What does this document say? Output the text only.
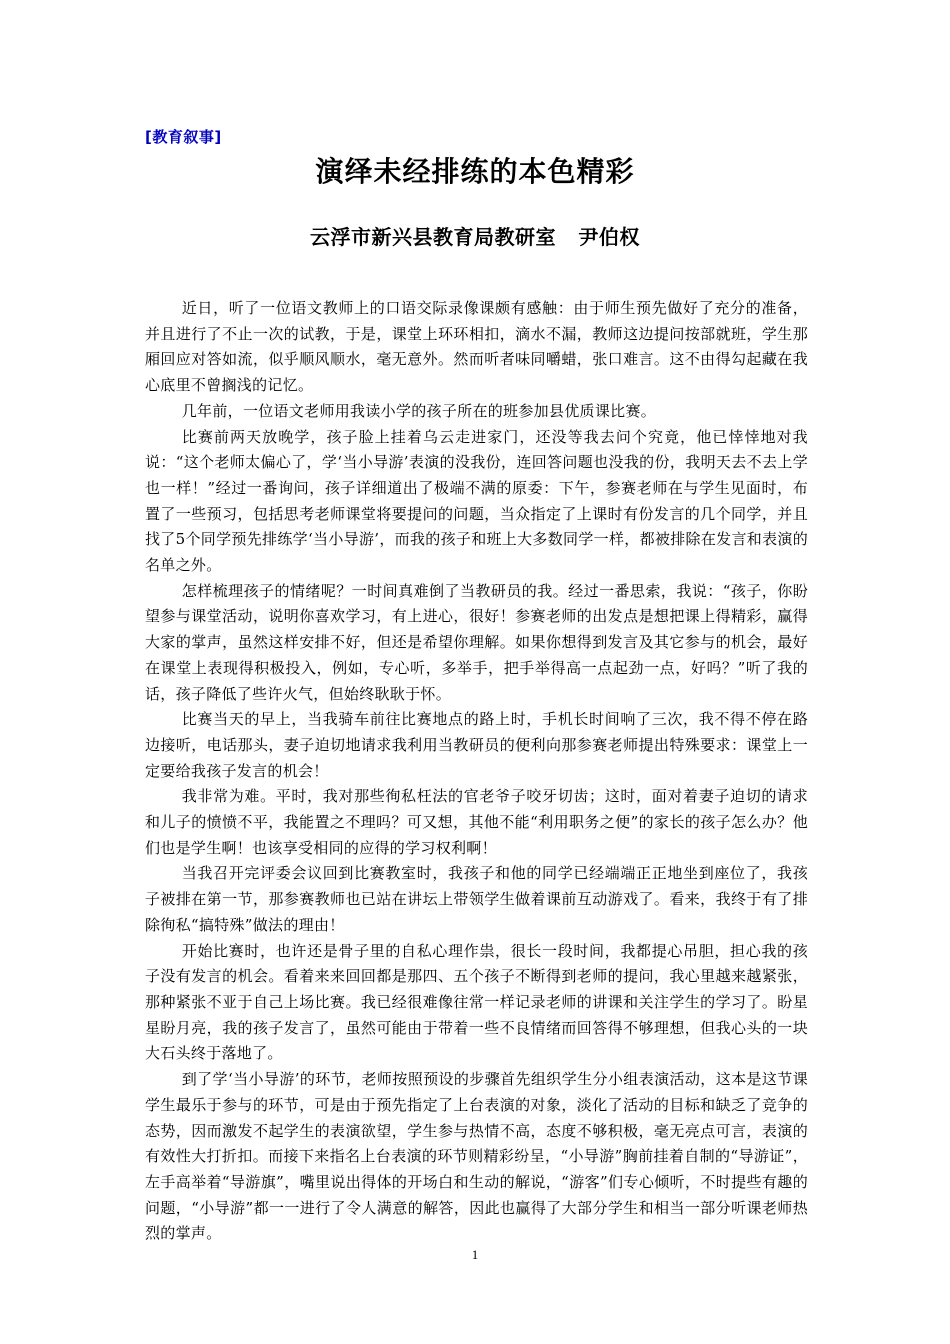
[教育叙事]
演绎未经排练的本色精彩
云浮市新兴县教育局教研室   尹伯权

近日，听了一位语文教师上的口语交际录像课颇有感触：由于师生预先做好了充分的准备，并且进行了不止一次的试教，于是，课堂上环环相扣，滴水不漏，教师这边提问按部就班，学生那厢回应对答如流，似乎顺风顺水，毫无意外。然而听者味同嚼蜡，张口难言。这不由得勾起藏在我心底里不曾搁浅的记忆。

几年前，一位语文老师用我读小学的孩子所在的班参加县优质课比赛。

比赛前两天放晚学，孩子脸上挂着乌云走进家门，还没等我去问个究竟，他已悻悻地对我说：“这个老师太偏心了，学‘当小导游’表演的没我份，连回答问题也没我的份，我明天去不去上学也一样！”经过一番询问，孩子详细道出了极端不满的原委：下午，参赛老师在与学生见面时，布置了一些预习，包括思考老师课堂将要提问的问题，当众指定了上课时有份发言的几个同学，并且找了5个同学预先排练学‘当小导游’，而我的孩子和班上大多数同学一样，都被排除在发言和表演的名单之外。

怎样梳理孩子的情绪呢？一时间真难倒了当教研员的我。经过一番思索，我说：“孩子，你盼望参与课堂活动，说明你喜欢学习，有上进心，很好！参赛老师的出发点是想把课上得精彩，赢得大家的掌声，虽然这样安排不好，但还是希望你理解。如果你想得到发言及其它参与的机会，最好在课堂上表现得积极投入，例如，专心听，多举手，把手举得高一点起劲一点，好吗？”听了我的话，孩子降低了些许火气，但始终耿耿于怀。

比赛当天的早上，当我骑车前往比赛地点的路上时，手机长时间响了三次，我不得不停在路边接听，电话那头，妻子迫切地请求我利用当教研员的便利向那参赛老师提出特殊要求：课堂上一定要给我孩子发言的机会！

我非常为难。平时，我对那些徇私枉法的官老爷子咬牙切齿；这时，面对着妻子迫切的请求和儿子的愤愤不平，我能置之不理吗？可又想，其他不能“利用职务之便”的家长的孩子怎么办？他们也是学生啊！也该享受相同的应得的学习权利啊！

当我召开完评委会议回到比赛教室时，我孩子和他的同学已经端端正正地坐到座位了，我孩子被排在第一节，那参赛教师也已站在讲坛上带领学生做着课前互动游戏了。看来，我终于有了排除徇私“搞特殊”做法的理由！

开始比赛时，也许还是骨子里的自私心理作祟，很长一段时间，我都提心吊胆，担心我的孩子没有发言的机会。看着来来回回都是那四、五个孩子不断得到老师的提问，我心里越来越紧张，那种紧张不亚于自己上场比赛。我已经很难像往常一样记录老师的讲课和关注学生的学习了。盼星星盼月亮，我的孩子发言了，虽然可能由于带着一些不良情绪而回答得不够理想，但我心头的一块大石头终于落地了。

到了学‘当小导游’的环节，老师按照预设的步骤首先组织学生分小组表演活动，这本是这节课学生最乐于参与的环节，可是由于预先指定了上台表演的对象，淡化了活动的目标和缺乏了竞争的态势，因而激发不起学生的表演欲望，学生参与热情不高，态度不够积极，毫无亮点可言，表演的有效性大打折扣。而接下来指名上台表演的环节则精彩纷呈，“小导游”胸前挂着自制的“导游证”，左手高举着“导游旗”，嘴里说出得体的开场白和生动的解说，“游客”们专心倾听，不时提些有趣的问题，“小导游”都一一进行了令人满意的解答，因此也赢得了大部分学生和相当一部分听课老师热烈的掌声。

1
